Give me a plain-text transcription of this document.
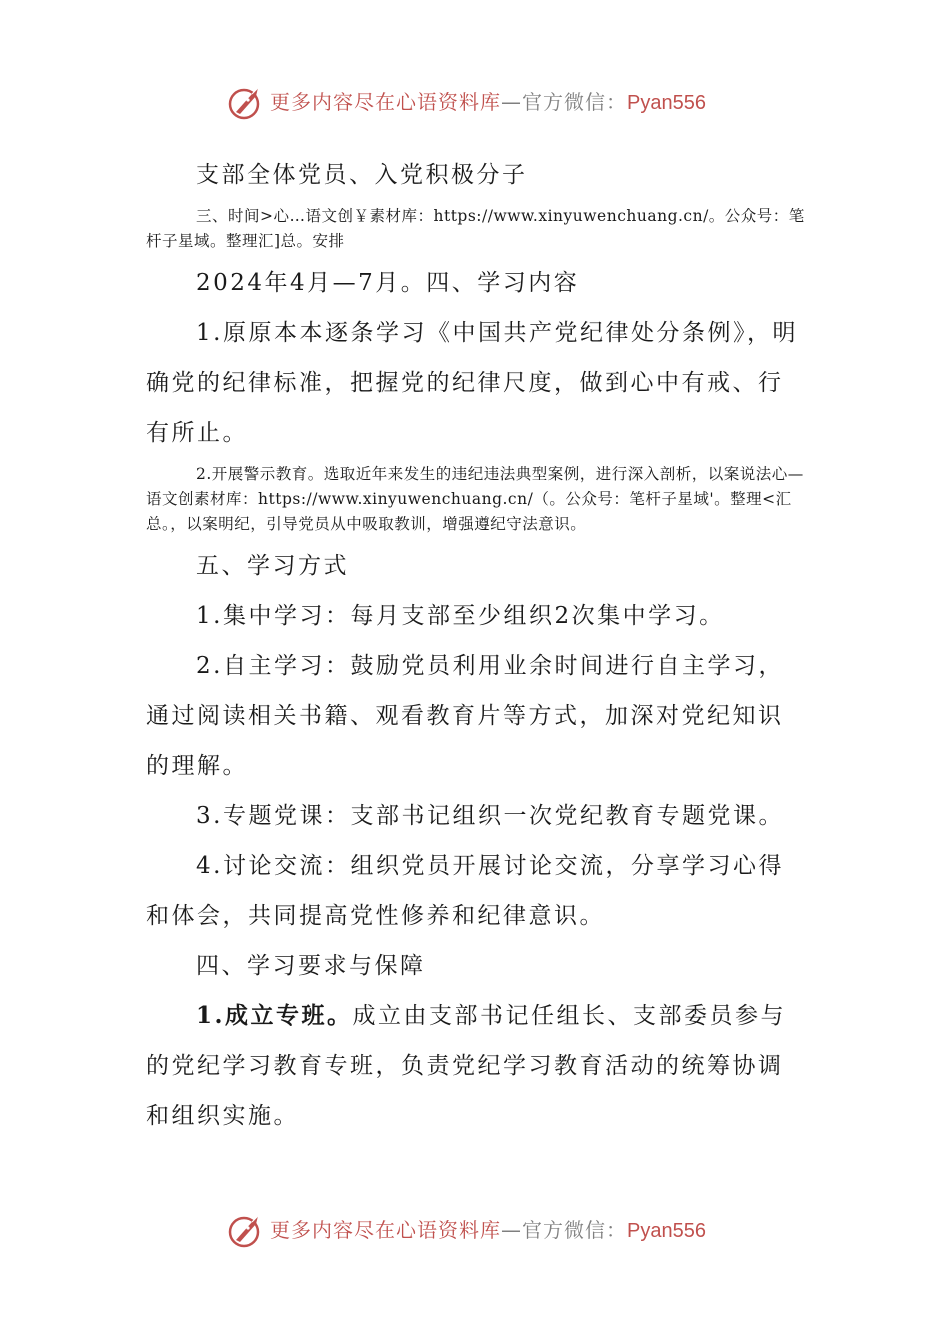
更多内容尽在心语资料库—官方微信：Pyan556

支部全体党员、入党积极分子

三、时间>心…语文创￥素材库：https://www.xinyuwenchuang.cn/。公众号：笔杆子星域。整理汇]总。安排

2024年4月—7月。四、学习内容

1.原原本本逐条学习《中国共产党纪律处分条例》，明确党的纪律标准，把握党的纪律尺度，做到心中有戒、行有所止。

2.开展警示教育。选取近年来发生的违纪违法典型案例，进行深入剖析，以案说法心—语文创素材库：https://www.xinyuwenchuang.cn/（。公众号：笔杆子星域'。整理<汇总。，以案明纪，引导党员从中吸取教训，增强遵纪守法意识。

五、学习方式

1.集中学习：每月支部至少组织2次集中学习。

2.自主学习：鼓励党员利用业余时间进行自主学习，通过阅读相关书籍、观看教育片等方式，加深对党纪知识的理解。

3.专题党课：支部书记组织一次党纪教育专题党课。

4.讨论交流：组织党员开展讨论交流，分享学习心得和体会，共同提高党性修养和纪律意识。

四、学习要求与保障

1.成立专班。成立由支部书记任组长、支部委员参与的党纪学习教育专班，负责党纪学习教育活动的统筹协调和组织实施。

更多内容尽在心语资料库—官方微信：Pyan556
